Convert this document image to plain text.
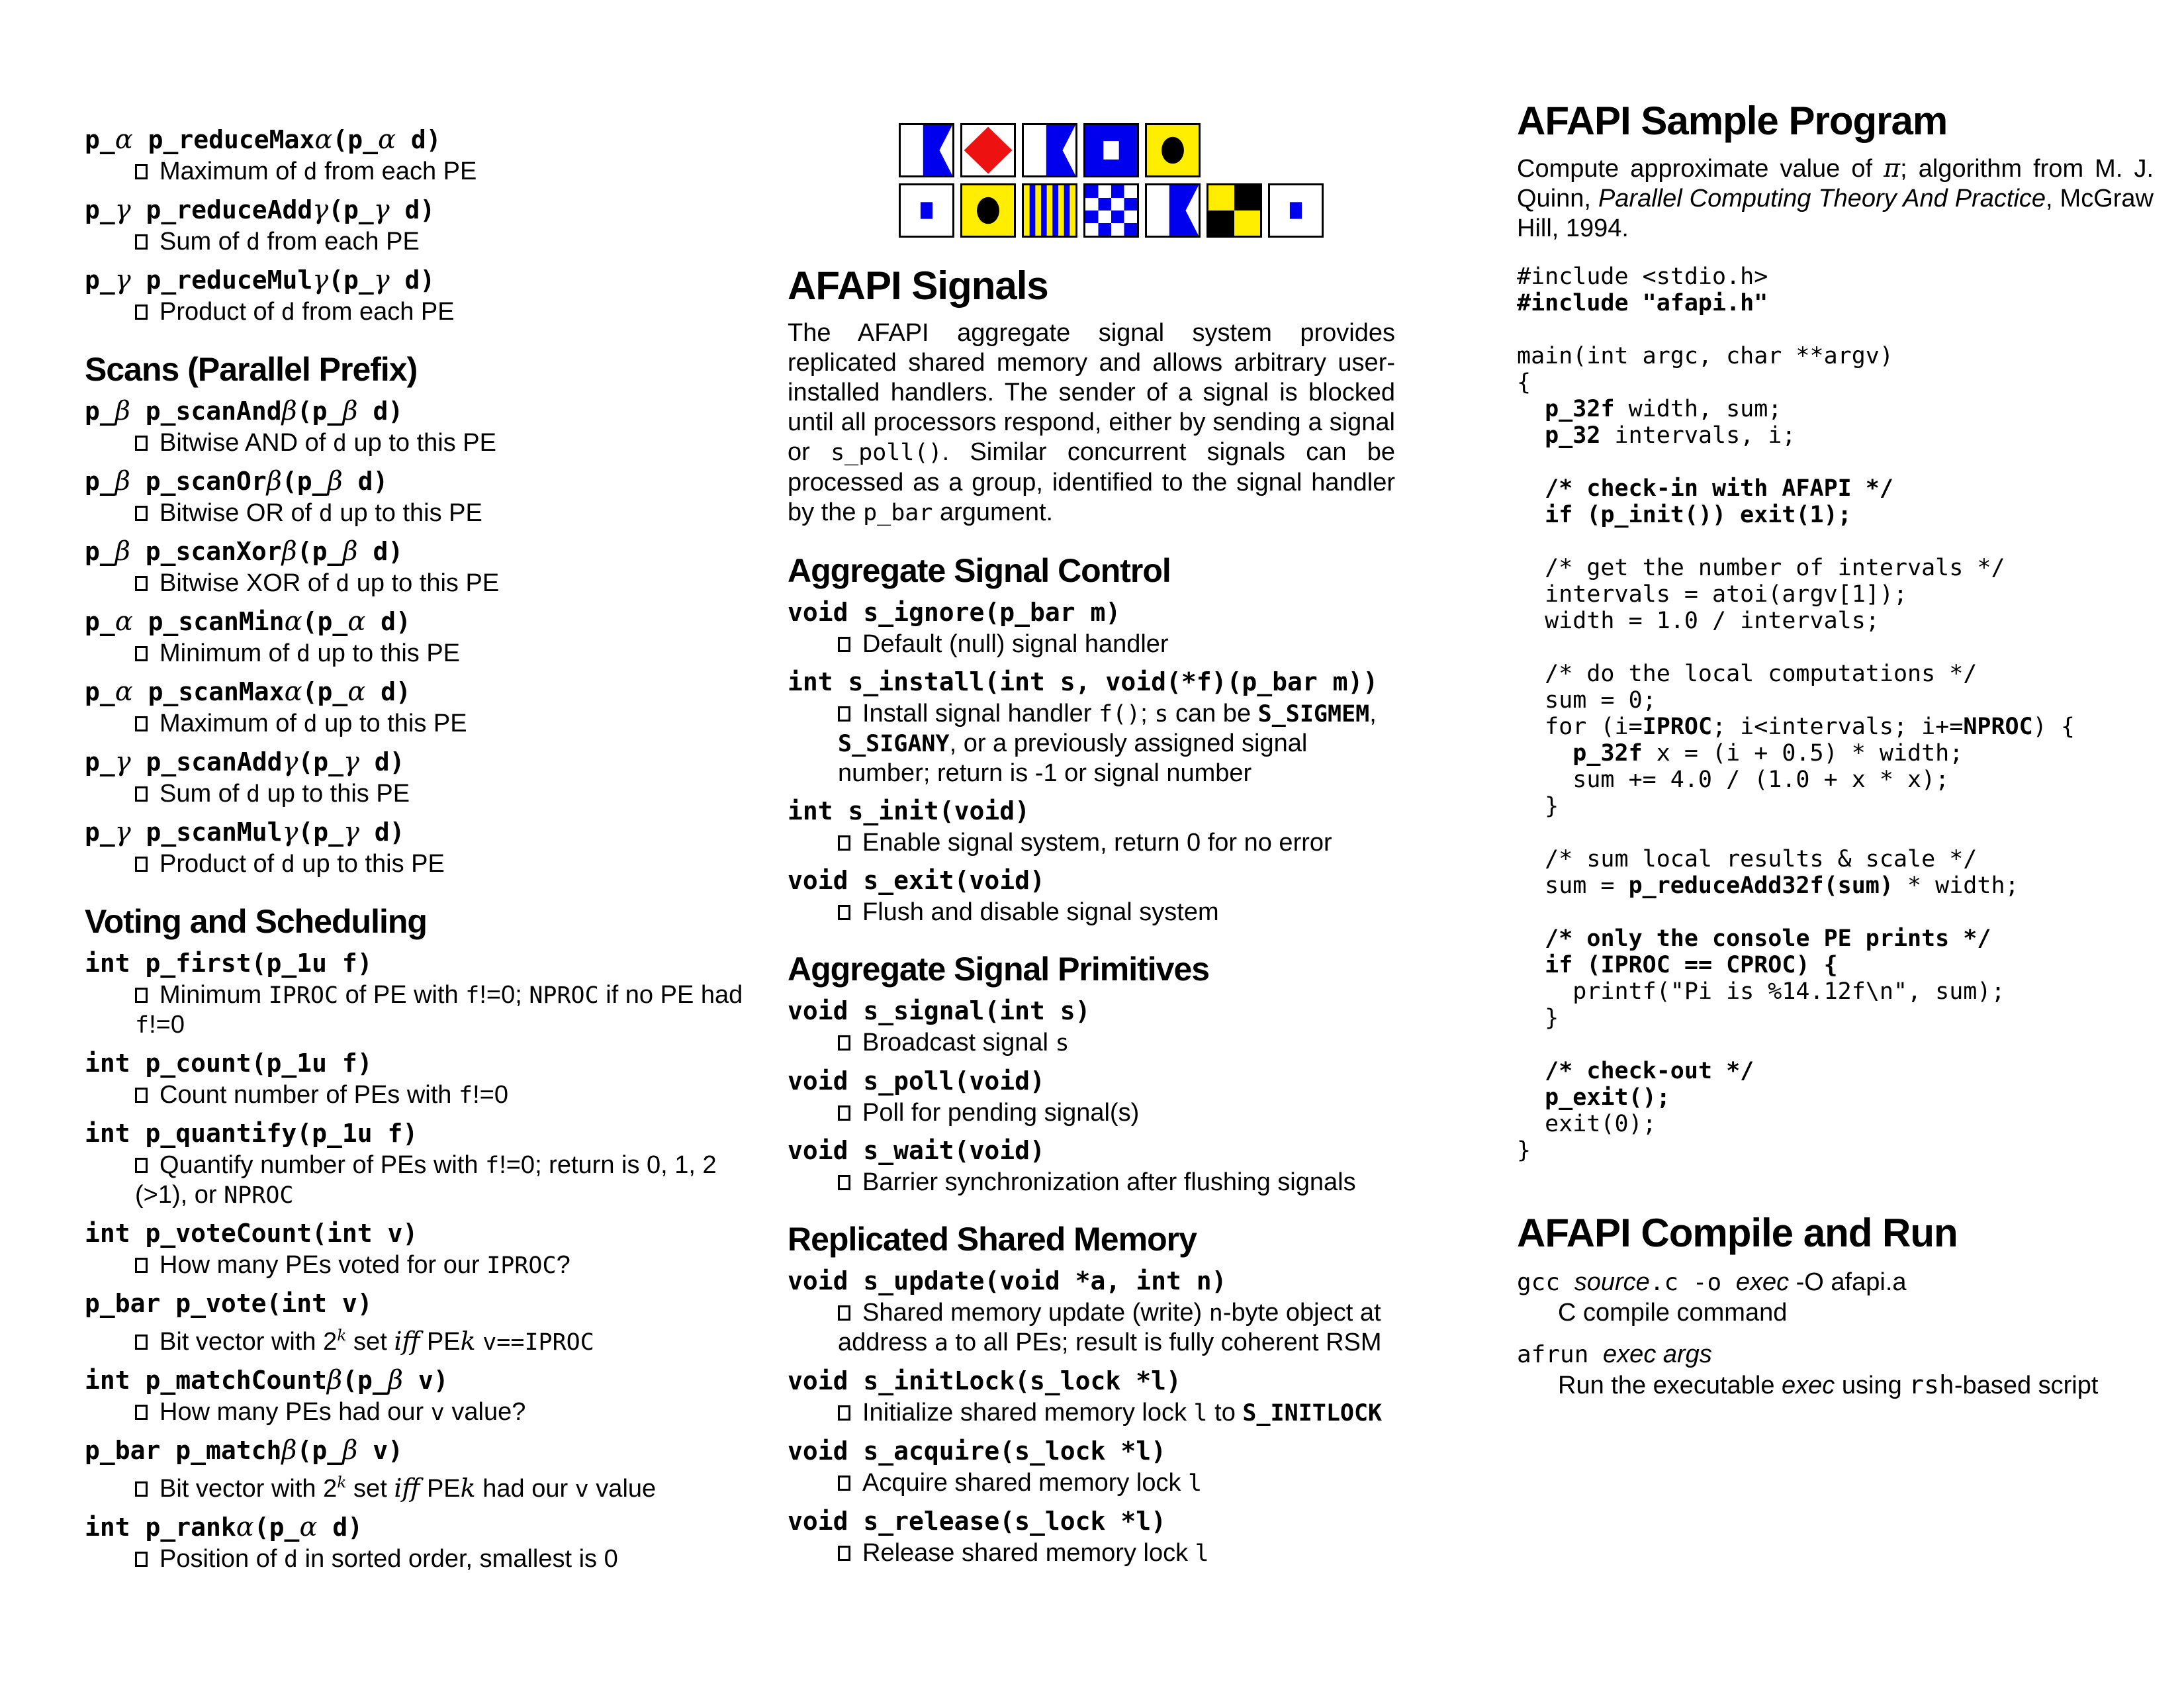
p_α p_reduceMaxα(p_α d)
Maximum of d from each PE
p_γ p_reduceAddγ(p_γ d)
Sum of d from each PE
p_γ p_reduceMulγ(p_γ d)
Product of d from each PE
Scans (Parallel Prefix)
p_β p_scanAndβ(p_β d)
Bitwise AND of d up to this PE
p_β p_scanOrβ(p_β d)
Bitwise OR of d up to this PE
p_β p_scanXorβ(p_β d)
Bitwise XOR of d up to this PE
p_α p_scanMinα(p_α d)
Minimum of d up to this PE
p_α p_scanMaxα(p_α d)
Maximum of d up to this PE
p_γ p_scanAddγ(p_γ d)
Sum of d up to this PE
p_γ p_scanMulγ(p_γ d)
Product of d up to this PE
Voting and Scheduling
int p_first(p_1u f)
Minimum IPROC of PE with f!=0; NPROC if no PE had f!=0
int p_count(p_1u f)
Count number of PEs with f!=0
int p_quantify(p_1u f)
Quantify number of PEs with f!=0; return is 0, 1, 2 (>1), or NPROC
int p_voteCount(int v)
How many PEs voted for our IPROC?
p_bar p_vote(int v)
Bit vector with 2$^k$ set iff PEk v==IPROC
int p_matchCountβ(p_β v)
How many PEs had our v value?
p_bar p_matchβ(p_β v)
Bit vector with 2$^k$ set iff PEk had our v value
int p_rankα(p_α d)
Position of d in sorted order, smallest is 0
AFAPI Signals

The AFAPI aggregate signal system provides replicated shared memory and allows arbitrary user-installed handlers. The sender of a signal is blocked until all processors respond, either by sending a signal or s_poll(). Similar concurrent signals can be processed as a group, identified to the signal handler by the p_bar argument.

Aggregate Signal Control
void s_ignore(p_bar m)
Default (null) signal handler
int s_install(int s, void(*f)(p_bar m))
Install signal handler f(); s can be S_SIGMEM, S_SIGANY, or a previously assigned signal number; return is -1 or signal number
int s_init(void)
Enable signal system, return 0 for no error
void s_exit(void)
Flush and disable signal system
Aggregate Signal Primitives
void s_signal(int s)
Broadcast signal s
void s_poll(void)
Poll for pending signal(s)
void s_wait(void)
Barrier synchronization after flushing signals
Replicated Shared Memory
void s_update(void *a, int n)
Shared memory update (write) n-byte object at address a to all PEs; result is fully coherent RSM
void s_initLock(s_lock *l)
Initialize shared memory lock l to S_INITLOCK
void s_acquire(s_lock *l)
Acquire shared memory lock l
void s_release(s_lock *l)
Release shared memory lock l
AFAPI Sample Program

Compute approximate value of π; algorithm from M. J. Quinn, Parallel Computing Theory And Practice, McGraw Hill, 1994.

#include <stdio.h>
#include "afapi.h"

main(int argc, char **argv)
{
p_32f width, sum;
p_32 intervals, i;

/* check-in with AFAPI */
if (p_init()) exit(1);

/* get the number of intervals */
intervals = atoi(argv[1]);
width = 1.0 / intervals;

/* do the local computations */
sum = 0;
for (i=IPROC; i<intervals; i+=NPROC) {
p_32f x = (i + 0.5) * width;
sum += 4.0 / (1.0 + x * x);
}

/* sum local results & scale */
sum = p_reduceAdd32f(sum) * width;

/* only the console PE prints */
if (IPROC == CPROC) {
printf("Pi is %14.12f\n", sum);
}

/* check-out */
p_exit();
exit(0);
}
AFAPI Compile and Run
gcc source.c -o exec -O afapi.a
C compile command
afrun exec args
Run the executable exec using rsh-based script
